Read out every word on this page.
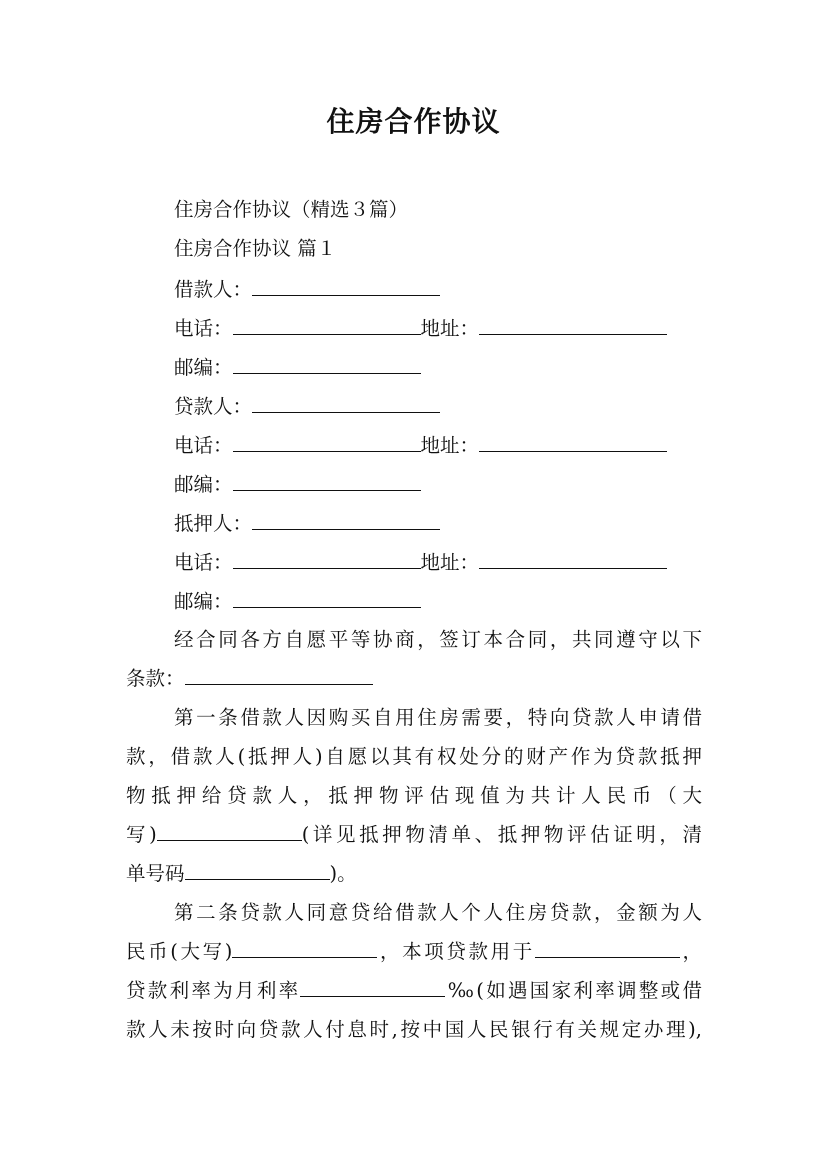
住房合作协议
住房合作协议（精选３篇）
住房合作协议 篇１
借款人：
电话：	地址：
邮编：
贷款人：
电话：	地址：
邮编：
抵押人：
电话：	地址：
邮编：
经合同各方自愿平等协商，签订本合同，共同遵守以下
条款：
第一条借款人因购买自用住房需要，特向贷款人申请借
款，借款人(抵押人)自愿以其有权处分的财产作为贷款抵押
物抵押给贷款人，抵押物评估现值为共计人民币（大
写)	(详见抵押物清单、抵押物评估证明，清
单号码	)。
第二条贷款人同意贷给借款人个人住房贷款，金额为人
民币(大写)	，本项贷款用于	，
贷款利率为月利率	‰(如遇国家利率调整或借
款人未按时向贷款人付息时,按中国人民银行有关规定办理),
